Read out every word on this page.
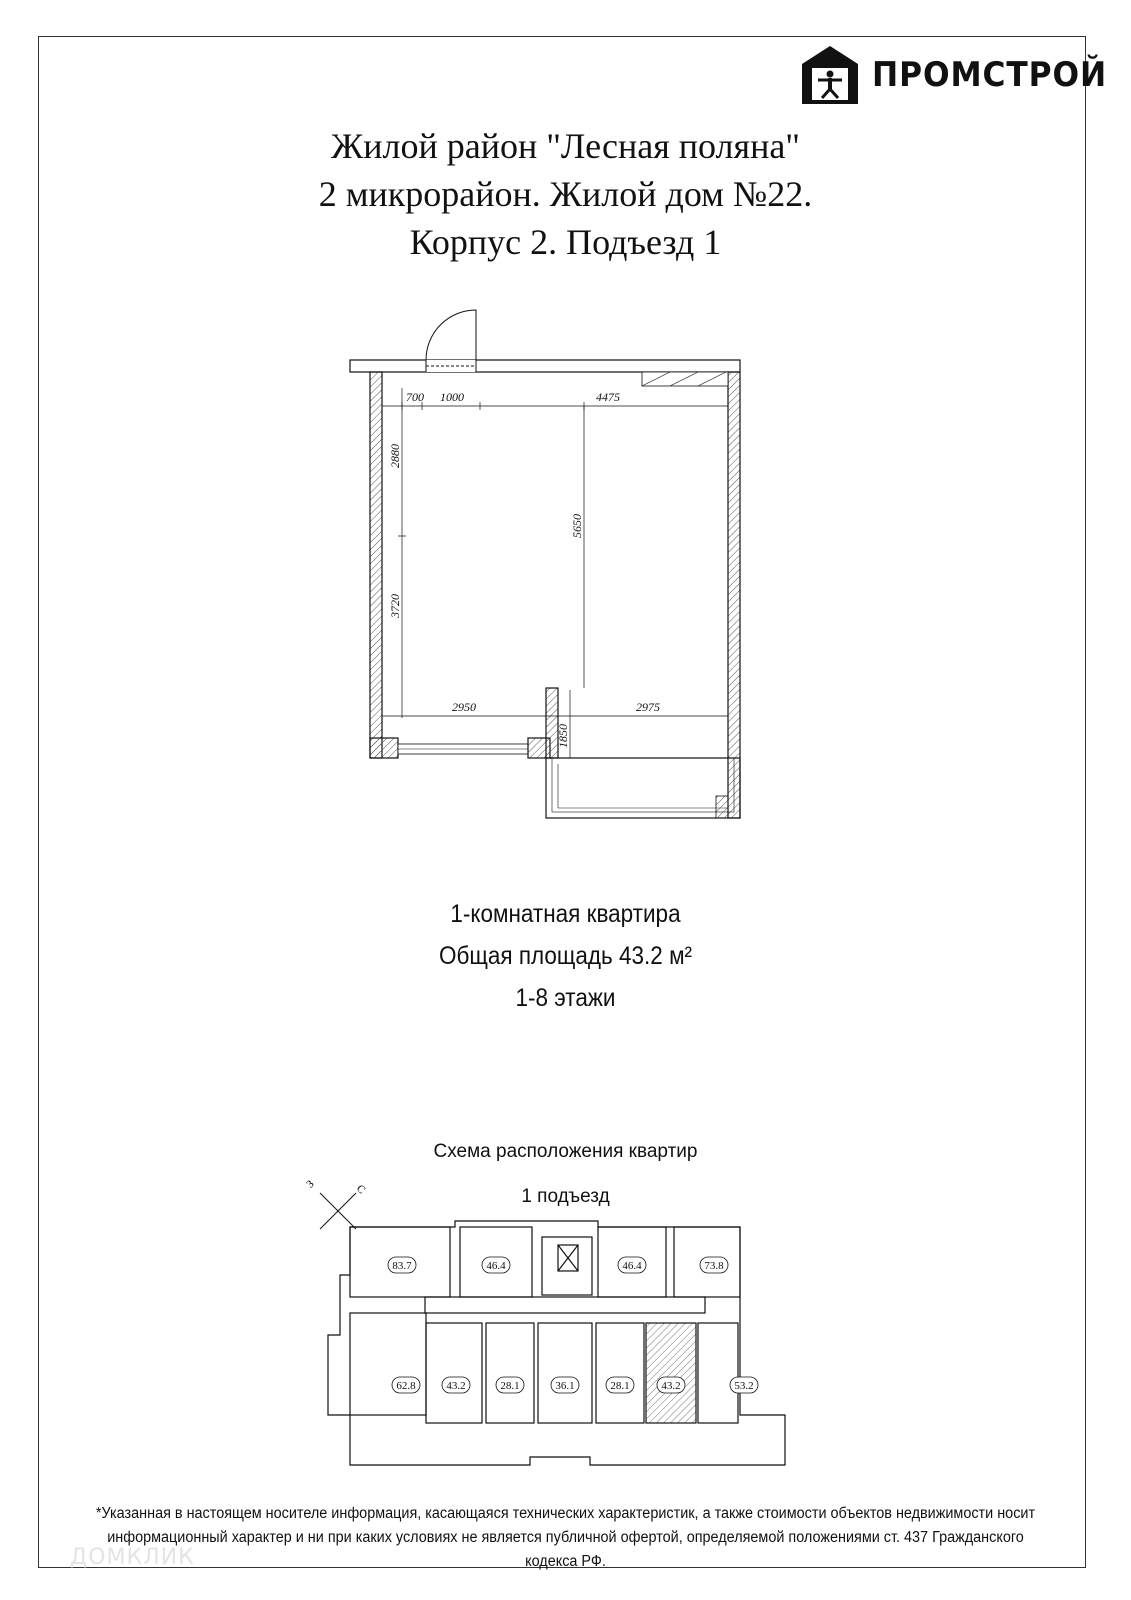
ПРОМСТРОЙ
Жилой район "Лесная поляна"
2 микрорайон. Жилой дом №22.
Корпус 2. Подъезд 1
700 1000	4475
2880
3720
5650
2950	2975
1850
1-комнатная квартира
Общая площадь 43.2 м²
1-8 этажи
Схема расположения квартир
1 подъезд
З	С
83.7	46.4	46.4	73.8
62.8	43.2	28.1	36.1	28.1	43.2	53.2
*Указанная в настоящем носителе информация, касающаяся технических характеристик, а также стоимости объектов недвижимости носит
информационный характер и ни при каких условиях не является публичной офертой, определяемой положениями ст. 437 Гражданского кодекса РФ.
ДОМКЛИК
